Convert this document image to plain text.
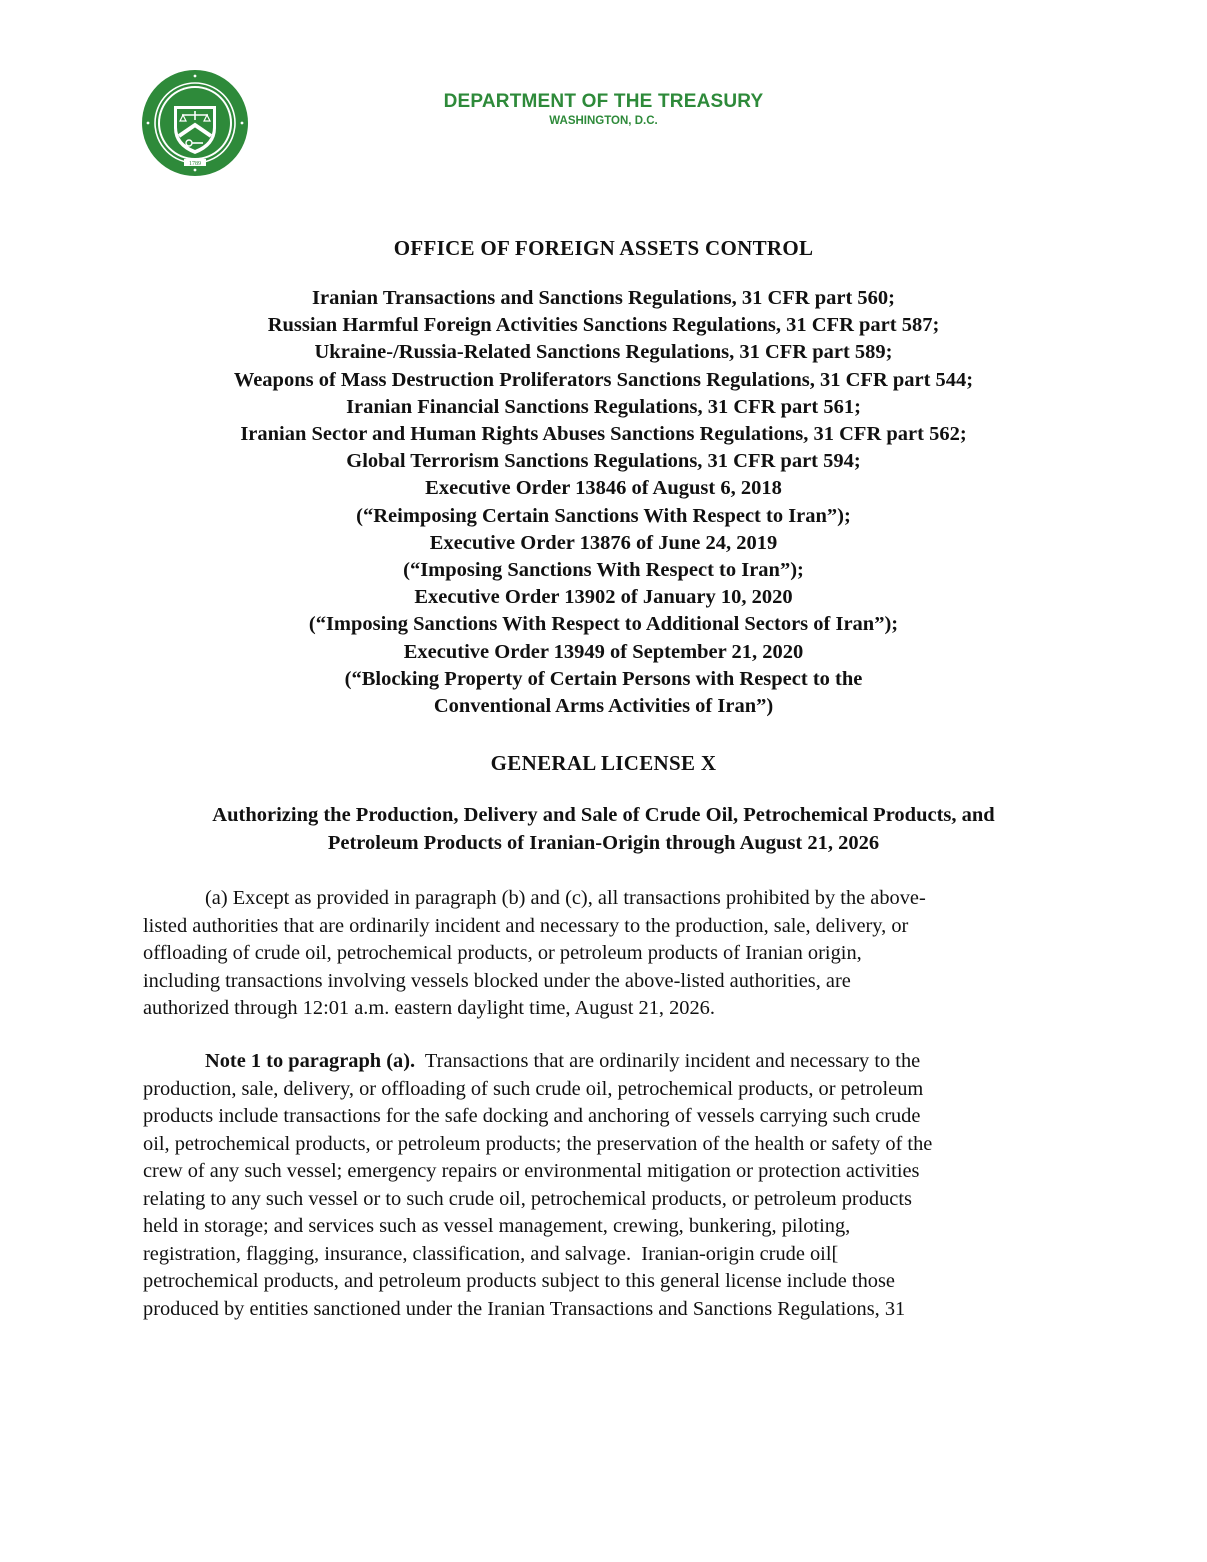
1789
DEPARTMENT OF THE TREASURY
WASHINGTON, D.C.
OFFICE OF FOREIGN ASSETS CONTROL
Iranian Transactions and Sanctions Regulations, 31 CFR part 560;
Russian Harmful Foreign Activities Sanctions Regulations, 31 CFR part 587;
Ukraine-/Russia-Related Sanctions Regulations, 31 CFR part 589;
Weapons of Mass Destruction Proliferators Sanctions Regulations, 31 CFR part 544;
Iranian Financial Sanctions Regulations, 31 CFR part 561;
Iranian Sector and Human Rights Abuses Sanctions Regulations, 31 CFR part 562;
Global Terrorism Sanctions Regulations, 31 CFR part 594;
Executive Order 13846 of August 6, 2018
(“Reimposing Certain Sanctions With Respect to Iran”);
Executive Order 13876 of June 24, 2019
(“Imposing Sanctions With Respect to Iran”);
Executive Order 13902 of January 10, 2020
(“Imposing Sanctions With Respect to Additional Sectors of Iran”);
Executive Order 13949 of September 21, 2020
(“Blocking Property of Certain Persons with Respect to the
Conventional Arms Activities of Iran”)
GENERAL LICENSE X
Authorizing the Production, Delivery and Sale of Crude Oil, Petrochemical Products, and
Petroleum Products of Iranian-Origin through August 21, 2026
(a) Except as provided in paragraph (b) and (c), all transactions prohibited by the above-
listed authorities that are ordinarily incident and necessary to the production, sale, delivery, or
offloading of crude oil, petrochemical products, or petroleum products of Iranian origin,
including transactions involving vessels blocked under the above-listed authorities, are
authorized through 12:01 a.m. eastern daylight time, August 21, 2026.
Note 1 to paragraph (a).  Transactions that are ordinarily incident and necessary to the
production, sale, delivery, or offloading of such crude oil, petrochemical products, or petroleum
products include transactions for the safe docking and anchoring of vessels carrying such crude
oil, petrochemical products, or petroleum products; the preservation of the health or safety of the
crew of any such vessel; emergency repairs or environmental mitigation or protection activities
relating to any such vessel or to such crude oil, petrochemical products, or petroleum products
held in storage; and services such as vessel management, crewing, bunkering, piloting,
registration, flagging, insurance, classification, and salvage.  Iranian-origin crude oil[
petrochemical products, and petroleum products subject to this general license include those
produced by entities sanctioned under the Iranian Transactions and Sanctions Regulations, 31
